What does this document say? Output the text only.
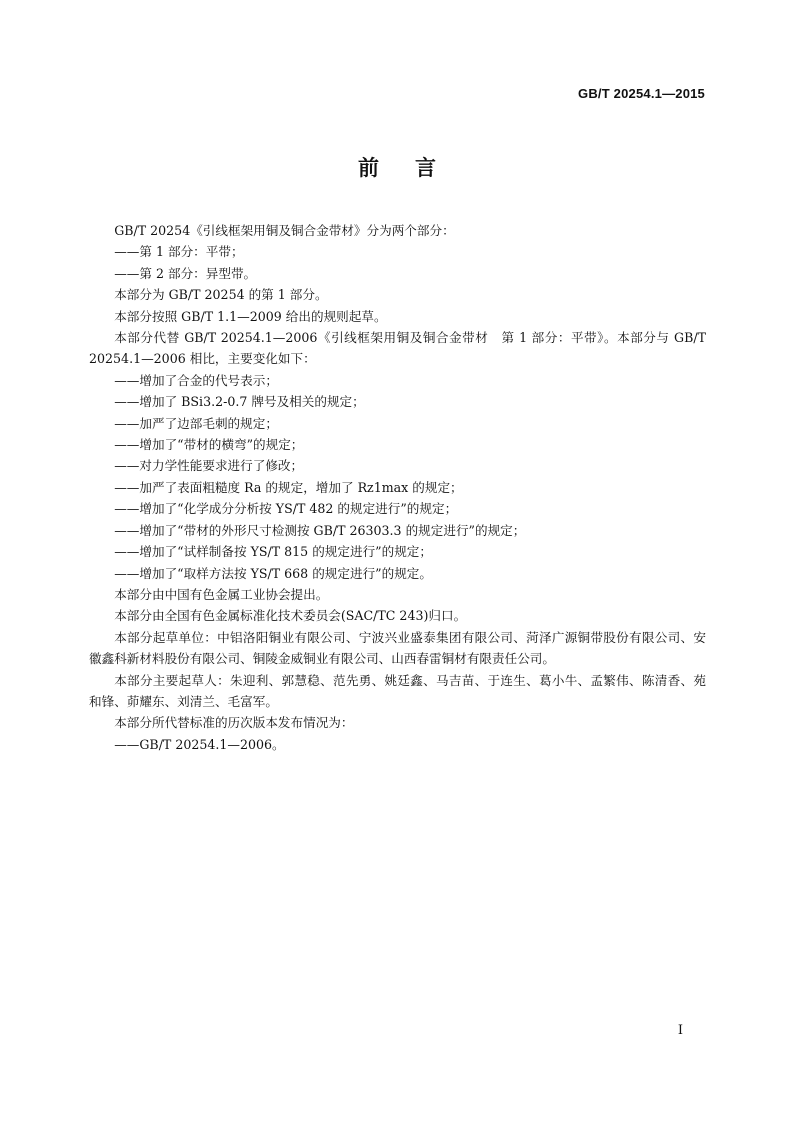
GB/T 20254.1—2015
前言

GB/T 20254《引线框架用铜及铜合金带材》分为两个部分：

——第 1 部分：平带；

——第 2 部分：异型带。

本部分为 GB/T 20254 的第 1 部分。

本部分按照 GB/T 1.1—2009 给出的规则起草。

本部分代替 GB/T 20254.1—2006《引线框架用铜及铜合金带材　第 1 部分：平带》。本部分与 GB/T 20254.1—2006 相比，主要变化如下：

——增加了合金的代号表示；

——增加了 BSi3.2-0.7 牌号及相关的规定；

——加严了边部毛刺的规定；

——增加了“带材的横弯”的规定；

——对力学性能要求进行了修改；

——加严了表面粗糙度 Ra 的规定，增加了 Rz1max 的规定；

——增加了“化学成分分析按 YS/T 482 的规定进行”的规定；

——增加了“带材的外形尺寸检测按 GB/T 26303.3 的规定进行”的规定；

——增加了“试样制备按 YS/T 815 的规定进行”的规定；

——增加了“取样方法按 YS/T 668 的规定进行”的规定。

本部分由中国有色金属工业协会提出。

本部分由全国有色金属标准化技术委员会(SAC/TC 243)归口。

本部分起草单位：中铝洛阳铜业有限公司、宁波兴业盛泰集团有限公司、菏泽广源铜带股份有限公司、安徽鑫科新材料股份有限公司、铜陵金威铜业有限公司、山西春雷铜材有限责任公司。

本部分主要起草人：朱迎利、郭慧稳、范先勇、姚廷鑫、马吉苗、于连生、葛小牛、孟繁伟、陈清香、苑和锋、茆耀东、刘清兰、毛富军。

本部分所代替标准的历次版本发布情况为：

——GB/T 20254.1—2006。

I
